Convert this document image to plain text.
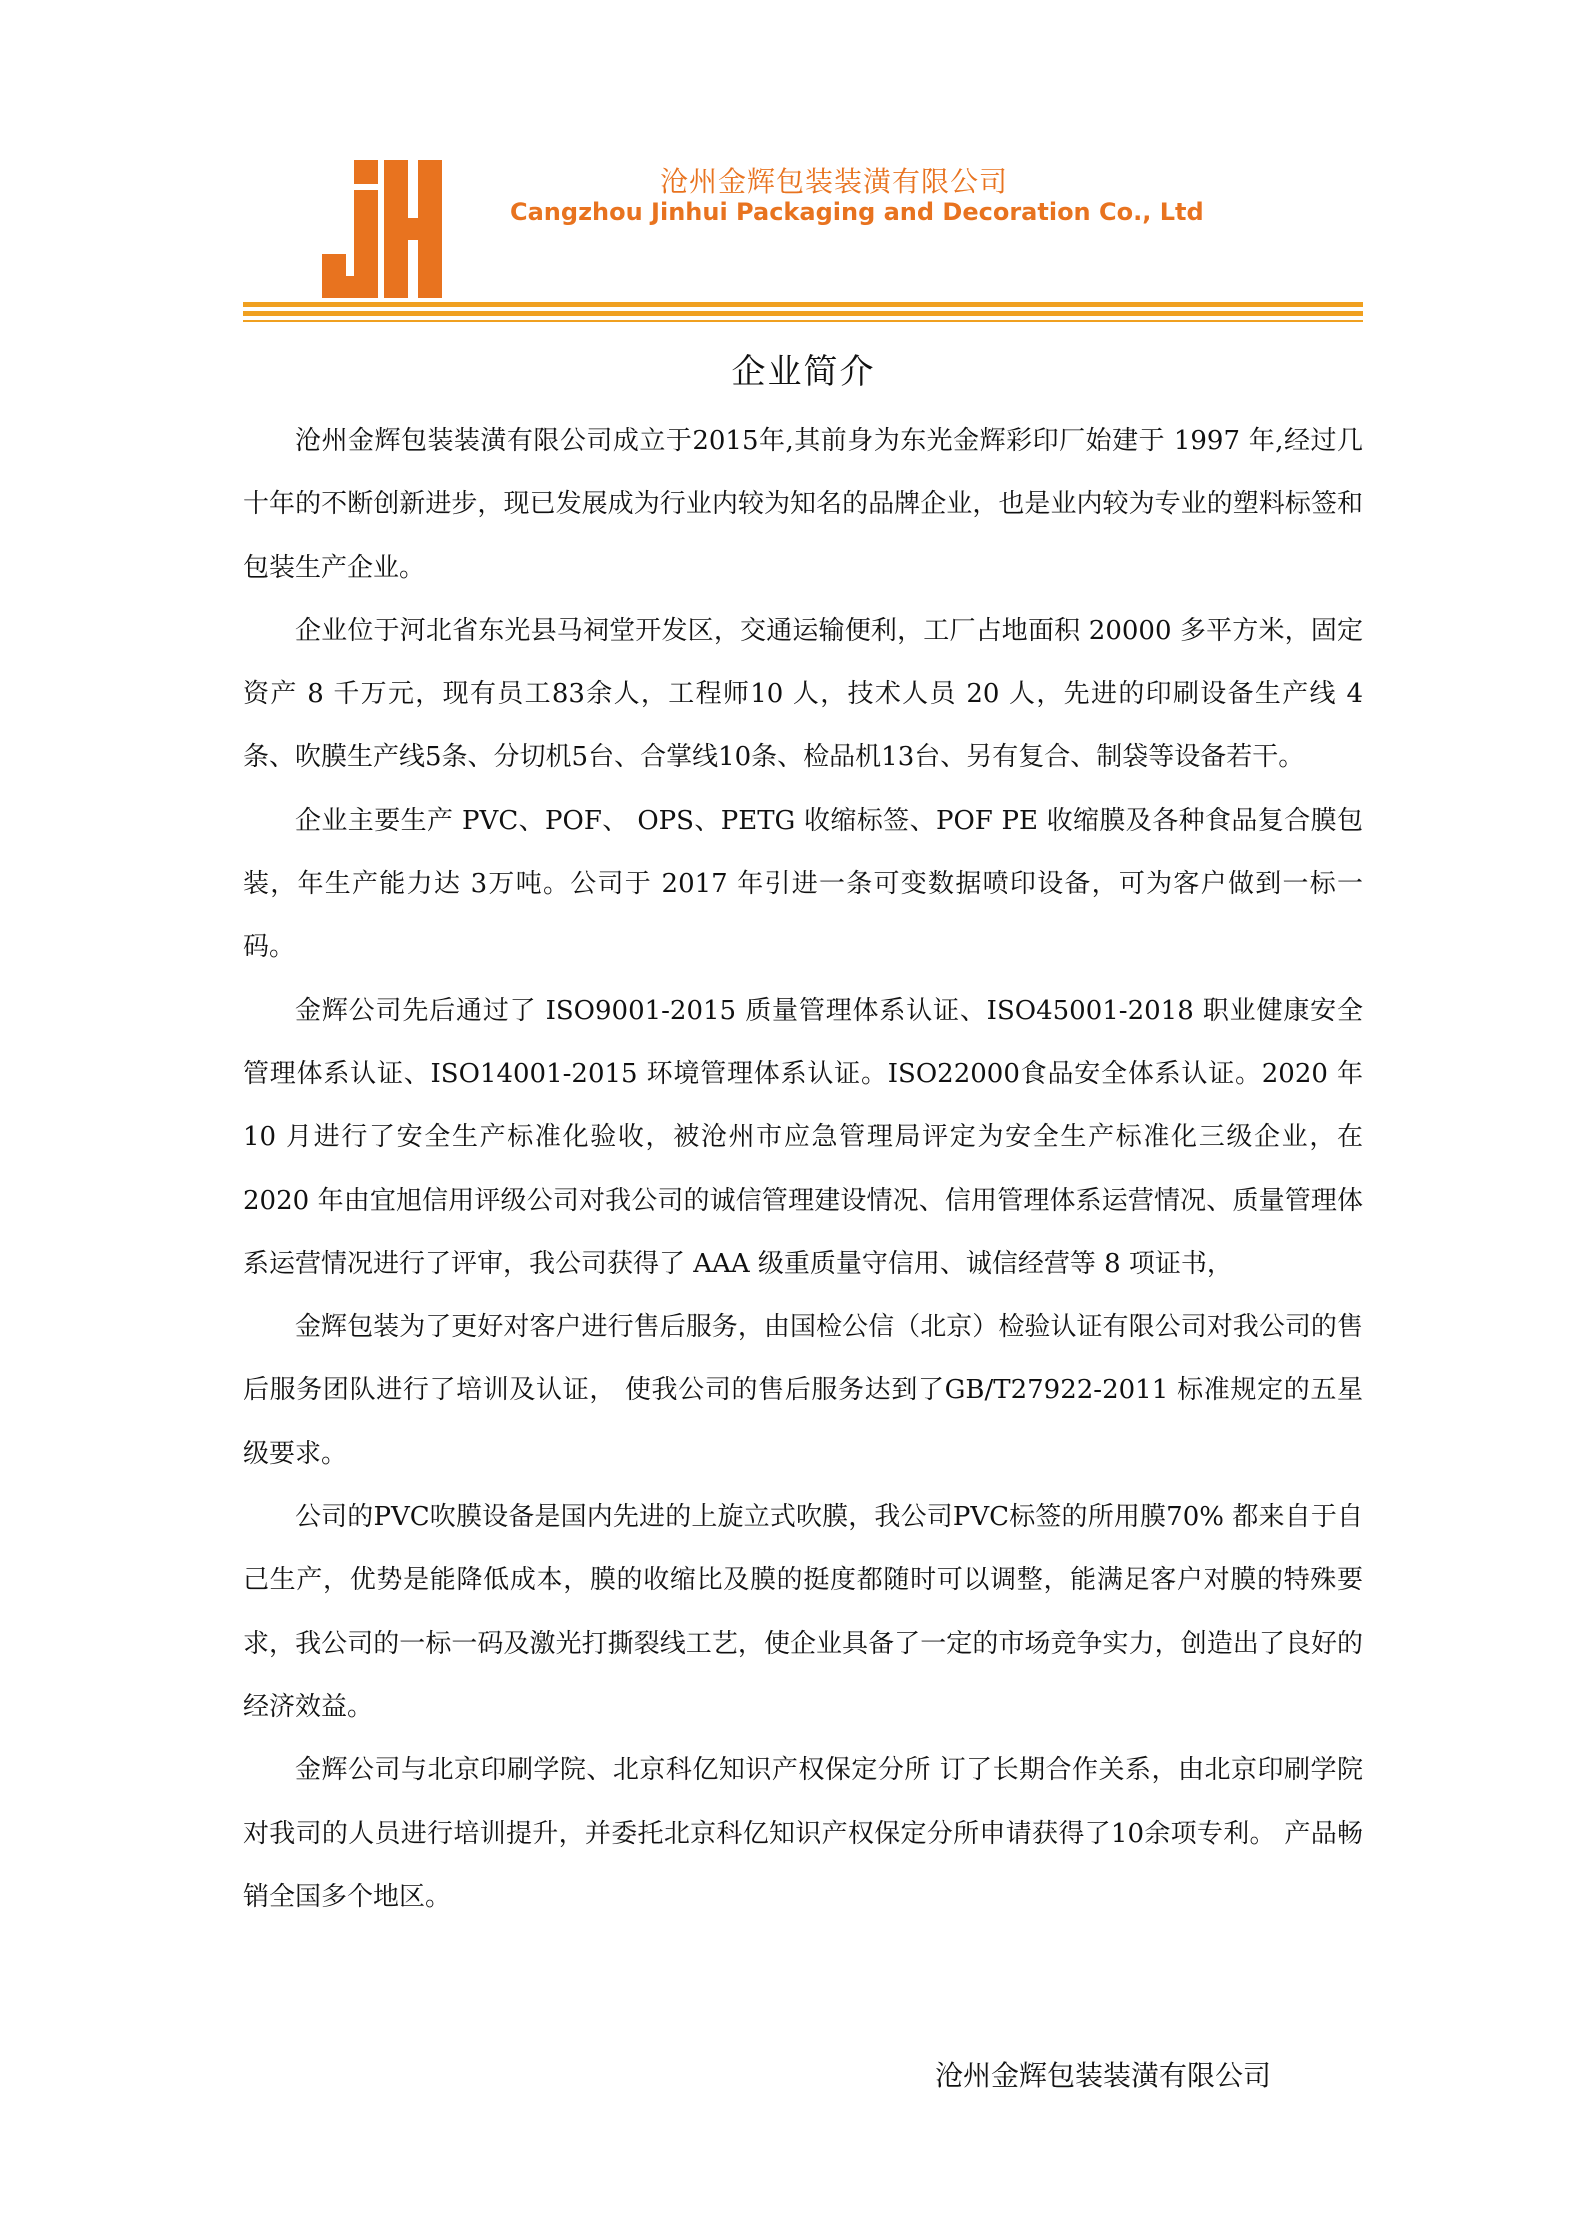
沧州金辉包装装潢有限公司
Cangzhou Jinhui Packaging and Decoration Co., Ltd
企业简介

沧州金辉包装装潢有限公司成立于2015年,其前身为东光金辉彩印厂始建于 1997 年,经过几十年的不断创新进步，现已发展成为行业内较为知名的品牌企业，也是业内较为专业的塑料标签和包装生产企业。

企业位于河北省东光县马祠堂开发区，交通运输便利，工厂占地面积 20000 多平方米，固定资产 8 千万元，现有员工83余人，工程师10 人，技术人员 20 人，先进的印刷设备生产线 4 条、吹膜生产线5条、分切机5台、合掌线10条、检品机13台、另有复合、制袋等设备若干。

企业主要生产 PVC、POF、 OPS、PETG 收缩标签、POF PE 收缩膜及各种食品复合膜包装，年生产能力达 3万吨。公司于 2017 年引进一条可变数据喷印设备，可为客户做到一标一码。

金辉公司先后通过了 ISO9001-2015 质量管理体系认证、ISO45001-2018 职业健康安全管理体系认证、ISO14001-2015 环境管理体系认证。ISO22000食品安全体系认证。2020 年10 月进行了安全生产标准化验收，被沧州市应急管理局评定为安全生产标准化三级企业，在 2020 年由宜旭信用评级公司对我公司的诚信管理建设情况、信用管理体系运营情况、质量管理体系运营情况进行了评审，我公司获得了 AAA 级重质量守信用、诚信经营等 8 项证书，

金辉包装为了更好对客户进行售后服务，由国检公信（北京）检验认证有限公司对我公司的售后服务团队进行了培训及认证， 使我公司的售后服务达到了GB/T27922-2011 标准规定的五星级要求。

公司的PVC吹膜设备是国内先进的上旋立式吹膜，我公司PVC标签的所用膜70% 都来自于自己生产，优势是能降低成本，膜的收缩比及膜的挺度都随时可以调整，能满足客户对膜的特殊要求，我公司的一标一码及激光打撕裂线工艺，使企业具备了一定的市场竞争实力，创造出了良好的经济效益。

金辉公司与北京印刷学院、北京科亿知识产权保定分所 订了长期合作关系，由北京印刷学院对我司的人员进行培训提升，并委托北京科亿知识产权保定分所申请获得了10余项专利。 产品畅销全国多个地区。

沧州金辉包装装潢有限公司
